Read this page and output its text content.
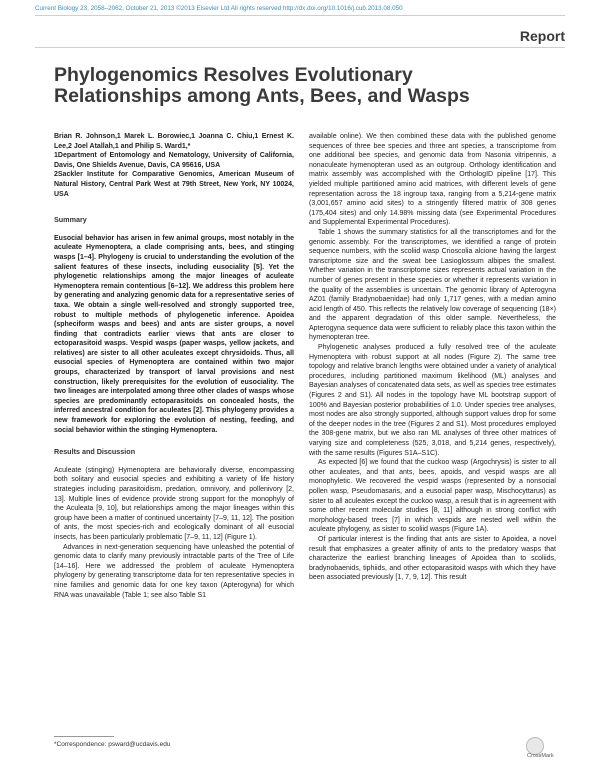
Current Biology 23, 2058–2062, October 21, 2013 ©2013 Elsevier Ltd All rights reserved http://dx.doi.org/10.1016/j.cub.2013.08.050
Report
Phylogenomics Resolves Evolutionary Relationships among Ants, Bees, and Wasps

Brian R. Johnson,1 Marek L. Borowiec,1 Joanna C. Chiu,1 Ernest K. Lee,2 Joel Atallah,1 and Philip S. Ward1,*

1Department of Entomology and Nematology, University of California, Davis, One Shields Avenue, Davis, CA 95616, USA

2Sackler Institute for Comparative Genomics, American Museum of Natural History, Central Park West at 79th Street, New York, NY 10024, USA

Summary

Eusocial behavior has arisen in few animal groups, most notably in the aculeate Hymenoptera, a clade comprising ants, bees, and stinging wasps [1–4]. Phylogeny is crucial to understanding the evolution of the salient features of these insects, including eusociality [5]. Yet the phylogenetic relationships among the major lineages of aculeate Hymenoptera remain contentious [6–12]. We address this problem here by generating and analyzing genomic data for a representative series of taxa. We obtain a single well-resolved and strongly supported tree, robust to multiple methods of phylogenetic inference. Apoidea (spheciform wasps and bees) and ants are sister groups, a novel finding that contradicts earlier views that ants are closer to ectoparasitoid wasps. Vespid wasps (paper wasps, yellow jackets, and relatives) are sister to all other aculeates except chrysidoids. Thus, all eusocial species of Hymenoptera are contained within two major groups, characterized by transport of larval provisions and nest construction, likely prerequisites for the evolution of eusociality. The two lineages are interpolated among three other clades of wasps whose species are predominantly ectoparasitoids on concealed hosts, the inferred ancestral condition for aculeates [2]. This phylogeny provides a new framework for exploring the evolution of nesting, feeding, and social behavior within the stinging Hymenoptera.

Results and Discussion

Aculeate (stinging) Hymenoptera are behaviorally diverse, encompassing both solitary and eusocial species and exhibiting a variety of life history strategies including parasitoidism, predation, omnivory, and pollenivory [2, 13]. Multiple lines of evidence provide strong support for the monophyly of the Aculeata [9, 10], but relationships among the major lineages within this group have been a matter of continued uncertainty [7–9, 11, 12]. The position of ants, the most species-rich and ecologically dominant of all eusocial insects, has been particularly problematic [7–9, 11, 12] (Figure 1).

Advances in next-generation sequencing have unleashed the potential of genomic data to clarify many previously intractable parts of the Tree of Life [14–16]. Here we addressed the problem of aculeate Hymenoptera phylogeny by generating transcriptome data for ten representative species in nine families and genomic data for one key taxon (Apterogyna) for which RNA was unavailable (Table 1; see also Table S1

available online). We then combined these data with the published genome sequences of three bee species and three ant species, a transcriptome from one additional bee species, and genomic data from Nasonia vitripennis, a nonaculeate hymenopteran used as an outgroup. Orthology identification and matrix assembly was accomplished with the OrthologID pipeline [17]. This yielded multiple partitioned amino acid matrices, with different levels of gene representation across the 18 ingroup taxa, ranging from a 5,214-gene matrix (3,001,657 amino acid sites) to a stringently filtered matrix of 308 genes (175,404 sites) and only 14.98% missing data (see Experimental Procedures and Supplemental Experimental Procedures).

Table 1 shows the summary statistics for all the transcriptomes and for the genomic assembly. For the transcriptomes, we identified a range of protein sequence numbers, with the scoliid wasp Crioscolia alcione having the largest transcriptome size and the sweat bee Lasioglossum albipes the smallest. Whether variation in the transcriptome sizes represents actual variation in the number of genes present in these species or whether it represents variation in the quality of the assemblies is uncertain. The genomic library of Apterogyna AZ01 (family Bradynobaenidae) had only 1,717 genes, with a median amino acid length of 450. This reflects the relatively low coverage of sequencing (18×) and the apparent degradation of this older sample. Nevertheless, the Apterogyna sequence data were sufficient to reliably place this taxon within the hymenopteran tree.

Phylogenetic analyses produced a fully resolved tree of the aculeate Hymenoptera with robust support at all nodes (Figure 2). The same tree topology and relative branch lengths were obtained under a variety of analytical procedures, including partitioned maximum likelihood (ML) analyses and Bayesian analyses of concatenated data sets, as well as species tree estimates (Figures 2 and S1). All nodes in the topology have ML bootstrap support of 100% and Bayesian posterior probabilities of 1.0. Under species tree analyses, most nodes are also strongly supported, although support values drop for some of the deeper nodes in the tree (Figures 2 and S1). Most procedures employed the 308-gene matrix, but we also ran ML analyses of three other matrices of varying size and completeness (525, 3,018, and 5,214 genes, respectively), with the same results (Figures S1A–S1C).

As expected [6] we found that the cuckoo wasp (Argochrysis) is sister to all other aculeates, and that ants, bees, apoids, and vespid wasps are all monophyletic. We recovered the vespid wasps (represented by a nonsocial pollen wasp, Pseudomasaris, and a eusocial paper wasp, Mischocyttarus) as sister to all aculeates except the cuckoo wasp, a result that is in agreement with some other recent molecular studies [8, 11] although in strong conflict with morphology-based trees [7] in which vespids are nested well within the aculeate phylogeny, as sister to scoliid wasps (Figure 1A).

Of particular interest is the finding that ants are sister to Apoidea, a novel result that emphasizes a greater affinity of ants to the predatory wasps that characterize the earliest branching lineages of Apoidea than to scoliids, bradynobaenids, tiphiids, and other ectoparasitoid wasps with which they have been associated previously [1, 7, 9, 12]. This result

*Correspondence: psward@ucdavis.edu
CrossMark
